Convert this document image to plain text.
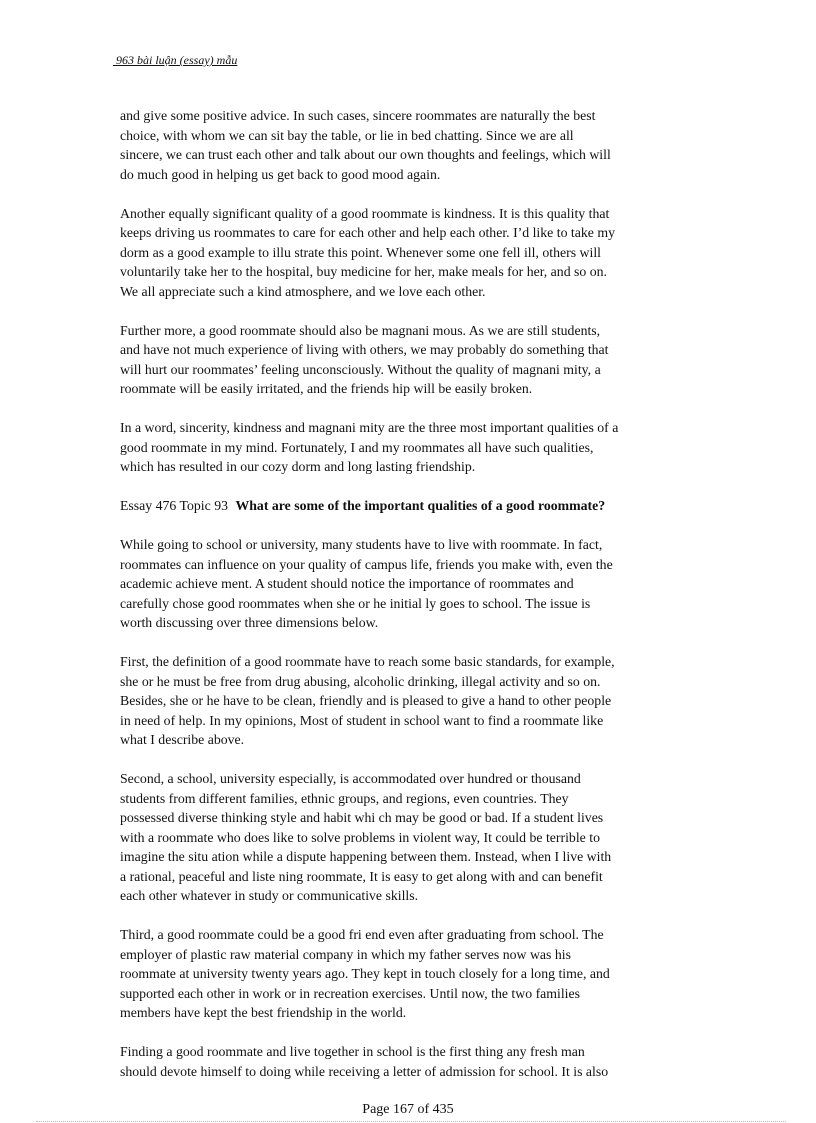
963 bài luận (essay) mẫu

and give some positive advice. In such cases, sincere roommates are naturally the best
choice, with whom we can sit bay the table, or lie in bed chatting. Since we are all
sincere, we can trust each other and talk about our own thoughts and feelings, which will
do much good in helping us get back to good mood again.

Another equally significant quality of a good roommate is kindness. It is this quality that
keeps driving us roommates to care for each other and help each other. I’d like to take my
dorm as a good example to illu strate this point. Whenever some one fell ill, others will
voluntarily take her to the hospital, buy medicine for her, make meals for her, and so on.
We all appreciate such a kind atmosphere, and we love each other.

Further more, a good roommate should also be magnani mous. As we are still students,
and have not much experience of living with others, we may probably do something that
will hurt our roommates’ feeling unconsciously. Without the quality of magnani mity, a
roommate will be easily irritated, and the friends hip will be easily broken.

In a word, sincerity, kindness and magnani mity are the three most important qualities of a
good roommate in my mind. Fortunately, I and my roommates all have such qualities,
which has resulted in our cozy dorm and long lasting friendship.

Essay 476 Topic 93 What are some of the important qualities of a good roommate?

While going to school or university, many students have to live with roommate. In fact,
roommates can influence on your quality of campus life, friends you make with, even the
academic achieve ment. A student should notice the importance of roommates and
carefully chose good roommates when she or he initial ly goes to school. The issue is
worth discussing over three dimensions below.

First, the definition of a good roommate have to reach some basic standards, for example,
she or he must be free from drug abusing, alcoholic drinking, illegal activity and so on.
Besides, she or he have to be clean, friendly and is pleased to give a hand to other people
in need of help. In my opinions, Most of student in school want to find a roommate like
what I describe above.

Second, a school, university especially, is accommodated over hundred or thousand
students from different families, ethnic groups, and regions, even countries. They
possessed diverse thinking style and habit whi ch may be good or bad. If a student lives
with a roommate who does like to solve problems in violent way, It could be terrible to
imagine the situ ation while a dispute happening between them. Instead, when I live with
a rational, peaceful and liste ning roommate, It is easy to get along with and can benefit
each other whatever in study or communicative skills.

Third, a good roommate could be a good fri end even after graduating from school. The
employer of plastic raw material company in which my father serves now was his
roommate at university twenty years ago. They kept in touch closely for a long time, and
supported each other in work or in recreation exercises. Until now, the two families
members have kept the best friendship in the world.

Finding a good roommate and live together in school is the first thing any fresh man
should devote himself to doing while receiving a letter of admission for school. It is also

Page 167 of 435
